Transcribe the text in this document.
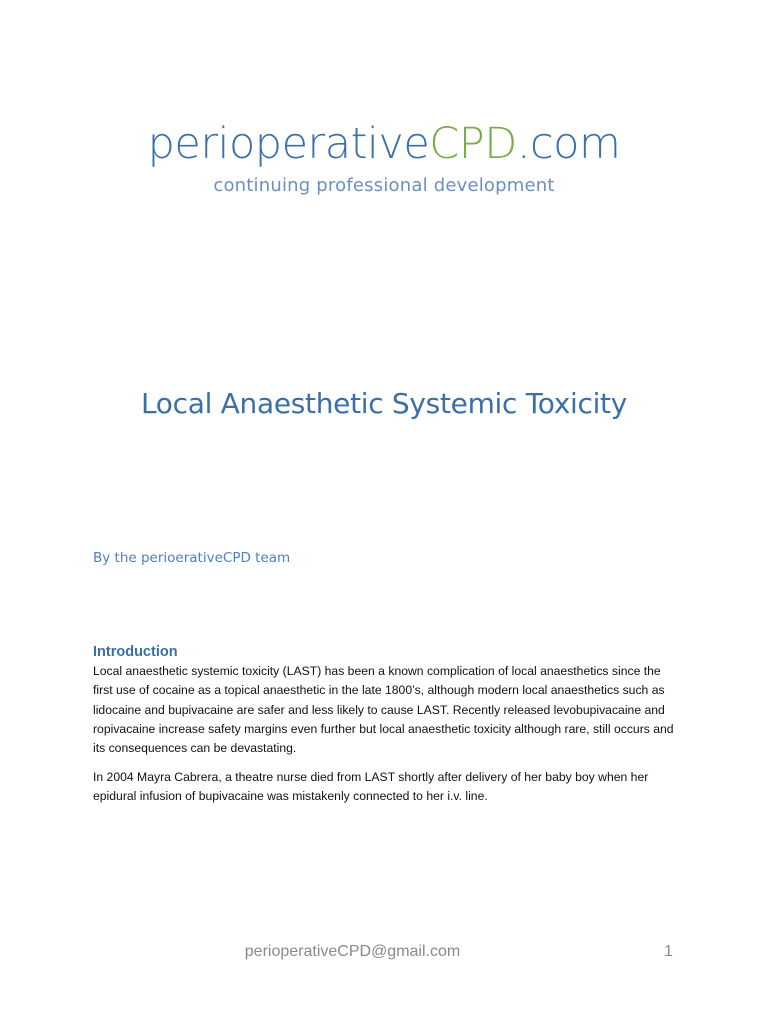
perioperativeCPD.com
continuing professional development
Local Anaesthetic Systemic Toxicity
By the perioerativeCPD team
Introduction

Local anaesthetic systemic toxicity (LAST) has been a known complication of local anaesthetics since the first use of cocaine as a topical anaesthetic in the late 1800’s, although modern local anaesthetics such as lidocaine and bupivacaine are safer and less likely to cause LAST. Recently released levobupivacaine and ropivacaine increase safety margins even further but local anaesthetic toxicity although rare, still occurs and its consequences can be devastating.

In 2004 Mayra Cabrera, a theatre nurse died from LAST shortly after delivery of her baby boy when her epidural infusion of bupivacaine was mistakenly connected to her i.v. line.

perioperativeCPD@gmail.com	1
